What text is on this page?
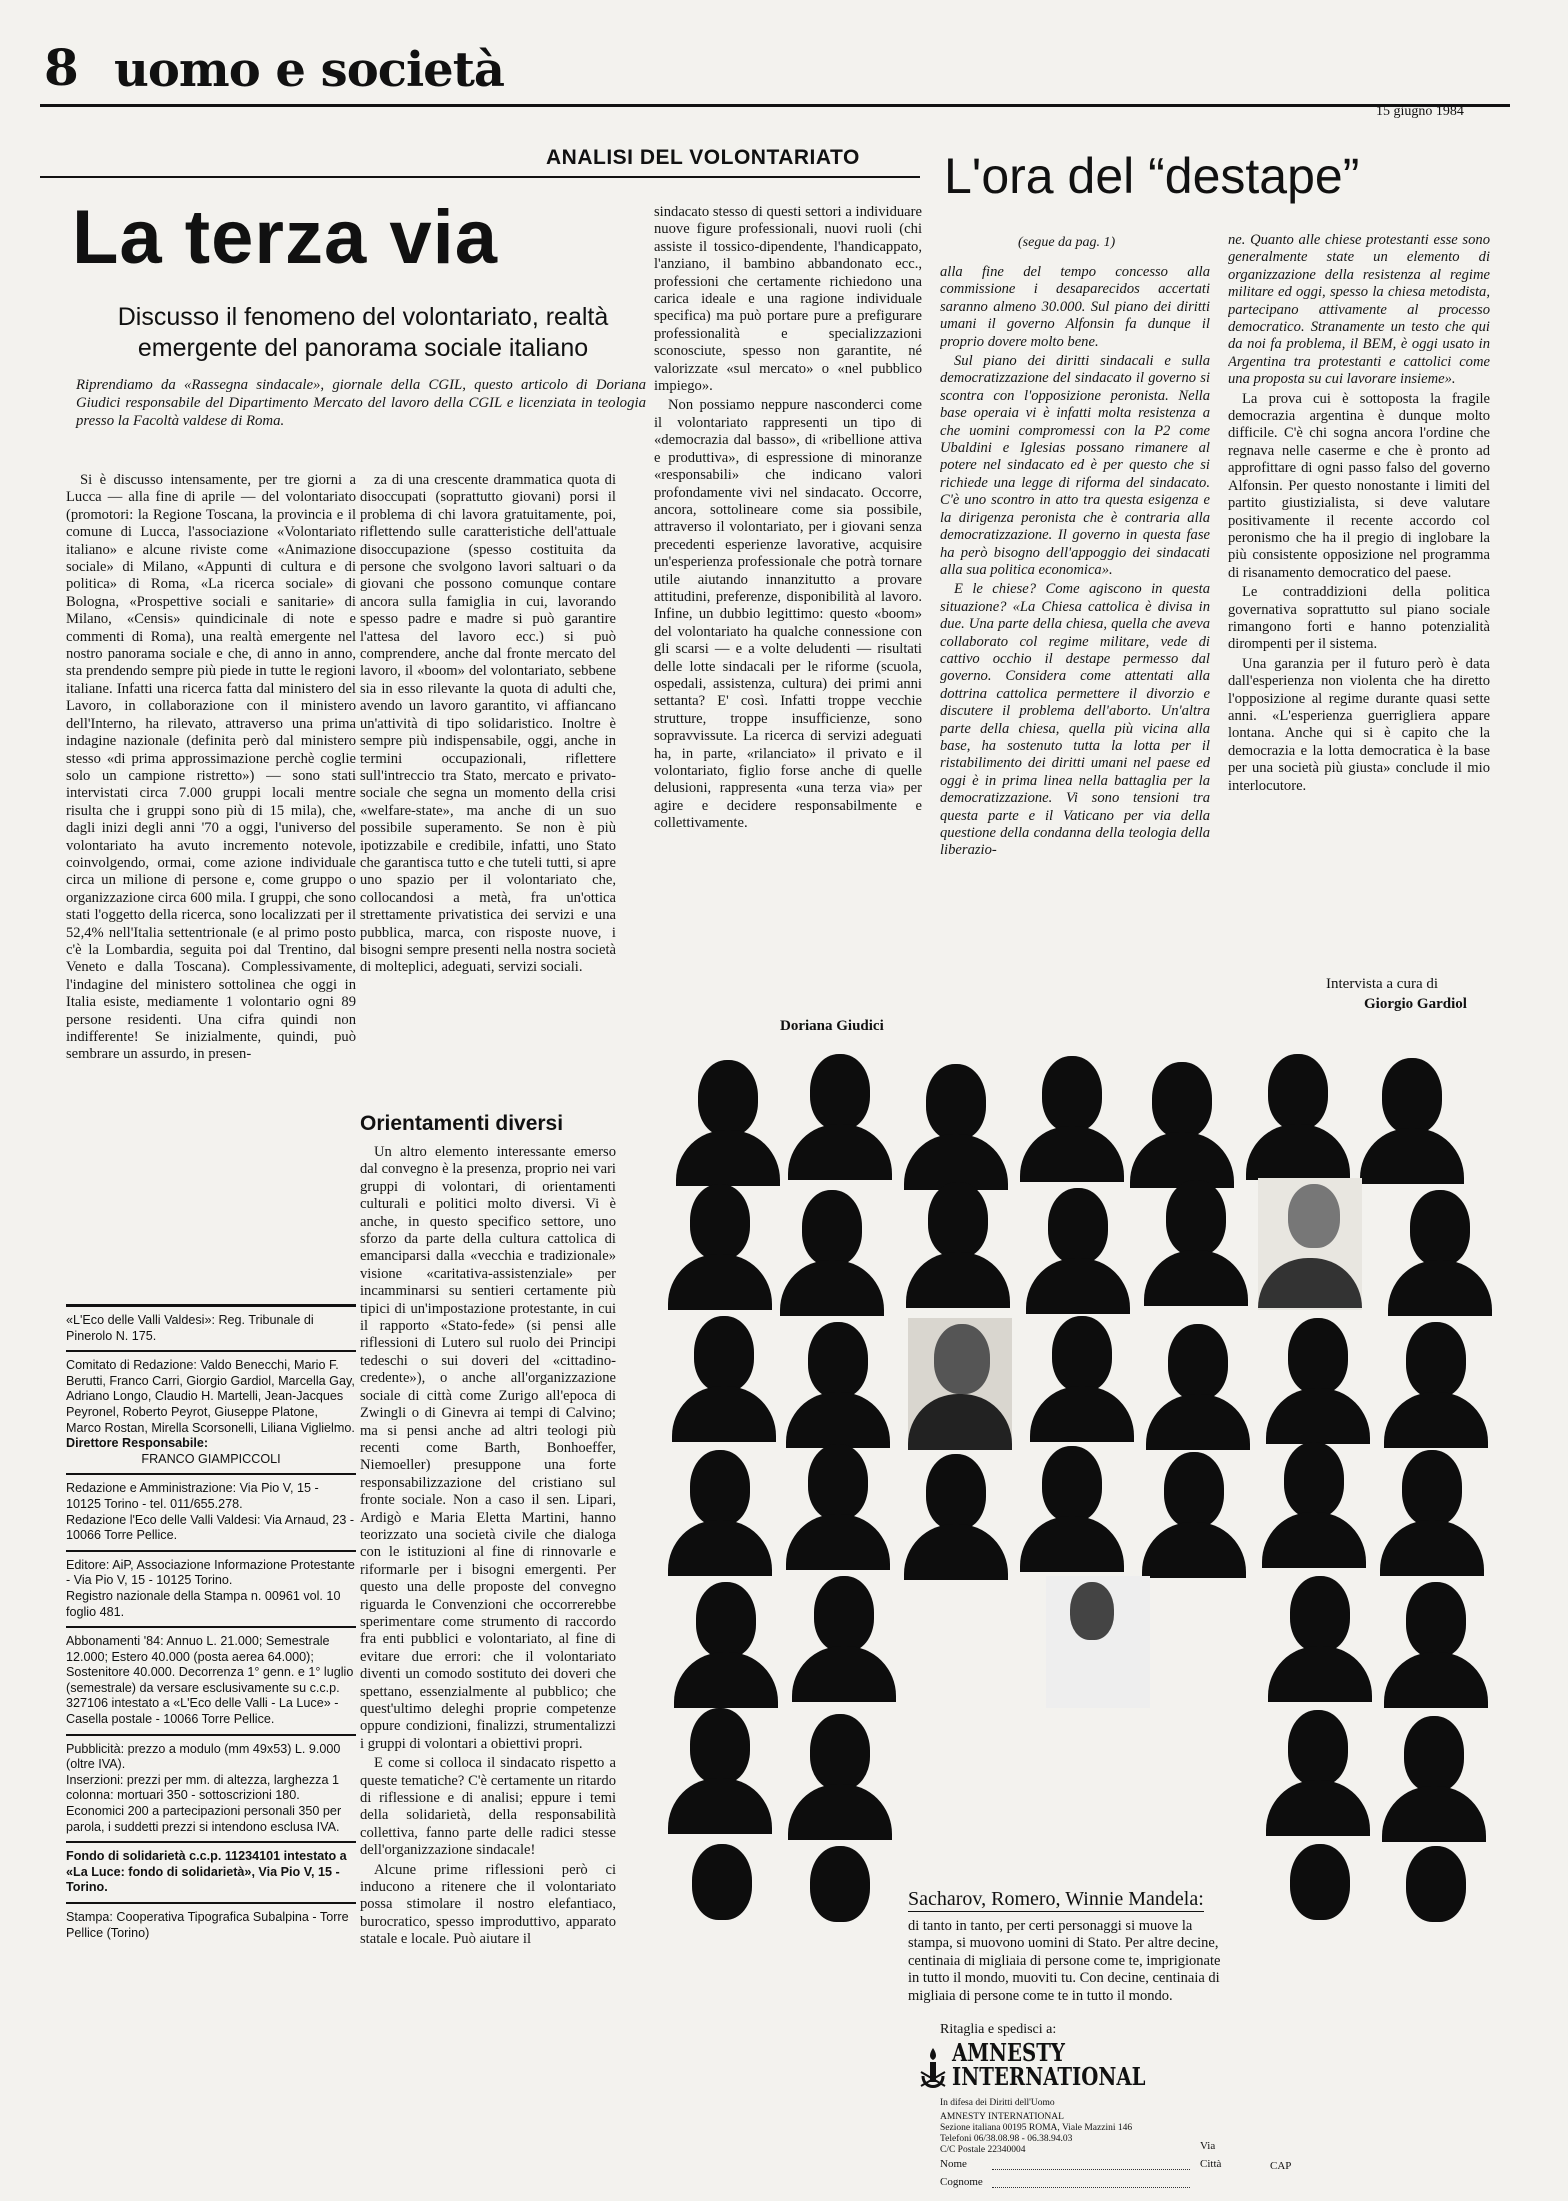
8 uomo e società
15 giugno 1984
ANALISI DEL VOLONTARIATO
La terza via
Discusso il fenomeno del volontariato, realtà emergente del panorama sociale italiano
Riprendiamo da «Rassegna sindacale», giornale della CGIL, questo articolo di Doriana Giudici responsabile del Dipartimento Mercato del lavoro della CGIL e licenziata in teologia presso la Facoltà valdese di Roma.

Si è discusso intensamente, per tre giorni a Lucca — alla fine di aprile — del volontariato (promotori: la Regione Toscana, la provincia e il comune di Lucca, l'associazione «Volontariato italiano» e alcune riviste come «Animazione sociale» di Milano, «Appunti di cultura e di politica» di Roma, «La ricerca sociale» di Bologna, «Prospettive sociali e sanitarie» di Milano, «Censis» quindicinale di note e commenti di Roma), una realtà emergente nel nostro panorama sociale e che, di anno in anno, sta prendendo sempre più piede in tutte le regioni italiane. Infatti una ricerca fatta dal ministero del Lavoro, in collaborazione con il ministero dell'Interno, ha rilevato, attraverso una prima indagine nazionale (definita però dal ministero stesso «di prima approssimazione perchè coglie solo un campione ristretto») — sono stati intervistati circa 7.000 gruppi locali mentre risulta che i gruppi sono più di 15 mila), che, dagli inizi degli anni '70 a oggi, l'universo del volontariato ha avuto incremento notevole, coinvolgendo, ormai, come azione individuale circa un milione di persone e, come gruppo o organizzazione circa 600 mila. I gruppi, che sono stati l'oggetto della ricerca, sono localizzati per il 52,4% nell'Italia settentrionale (e al primo posto c'è la Lombardia, seguita poi dal Trentino, dal Veneto e dalla Toscana). Complessivamente, l'indagine del ministero sottolinea che oggi in Italia esiste, mediamente 1 volontario ogni 89 persone residenti. Una cifra quindi non indifferente! Se inizialmente, quindi, può sembrare un assurdo, in presen-

za di una crescente drammatica quota di disoccupati (soprattutto giovani) porsi il problema di chi lavora gratuitamente, poi, riflettendo sulle caratteristiche dell'attuale disoccupazione (spesso costituita da persone che svolgono lavori saltuari o da giovani che possono comunque contare ancora sulla famiglia in cui, lavorando spesso padre e madre si può garantire l'attesa del lavoro ecc.) si può comprendere, anche dal fronte mercato del lavoro, il «boom» del volontariato, sebbene sia in esso rilevante la quota di adulti che, avendo un lavoro garantito, vi affiancano un'attività di tipo solidaristico. Inoltre è sempre più indispensabile, oggi, anche in termini occupazionali, riflettere sull'intreccio tra Stato, mercato e privato-sociale che segna un momento della crisi «welfare-state», ma anche di un suo possibile superamento. Se non è più ipotizzabile e credibile, infatti, uno Stato che garantisca tutto e che tuteli tutti, si apre uno spazio per il volontariato che, collocandosi a metà, fra un'ottica strettamente privatistica dei servizi e una pubblica, marca, con risposte nuove, i bisogni sempre presenti nella nostra società di molteplici, adeguati, servizi sociali.

Orientamenti diversi

Un altro elemento interessante emerso dal convegno è la presenza, proprio nei vari gruppi di volontari, di orientamenti culturali e politici molto diversi. Vi è anche, in questo specifico settore, uno sforzo da parte della cultura cattolica di emanciparsi dalla «vecchia e tradizionale» visione «caritativa-assistenziale» per incamminarsi su sentieri certamente più tipici di un'impostazione protestante, in cui il rapporto «Stato-fede» (si pensi alle riflessioni di Lutero sul ruolo dei Principi tedeschi o sui doveri del «cittadino-credente»), o anche all'organizzazione sociale di città come Zurigo all'epoca di Zwingli o di Ginevra ai tempi di Calvino; ma si pensi anche ad altri teologi più recenti come Barth, Bonhoeffer, Niemoeller) presuppone una forte responsabilizzazione del cristiano sul fronte sociale. Non a caso il sen. Lipari, Ardigò e Maria Eletta Martini, hanno teorizzato una società civile che dialoga con le istituzioni al fine di rinnovarle e riformarle per i bisogni emergenti. Per questo una delle proposte del convegno riguarda le Convenzioni che occorrerebbe sperimentare come strumento di raccordo fra enti pubblici e volontariato, al fine di evitare due errori: che il volontariato diventi un comodo sostituto dei doveri che spettano, essenzialmente al pubblico; che quest'ultimo deleghi proprie competenze oppure condizioni, finalizzi, strumentalizzi i gruppi di volontari a obiettivi propri.

E come si colloca il sindacato rispetto a queste tematiche? C'è certamente un ritardo di riflessione e di analisi; eppure i temi della solidarietà, della responsabilità collettiva, fanno parte delle radici stesse dell'organizzazione sindacale!

Alcune prime riflessioni però ci inducono a ritenere che il volontariato possa stimolare il nostro elefantiaco, burocratico, spesso improduttivo, apparato statale e locale. Può aiutare il

sindacato stesso di questi settori a individuare nuove figure professionali, nuovi ruoli (chi assiste il tossico-dipendente, l'handicappato, l'anziano, il bambino abbandonato ecc., professioni che certamente richiedono una carica ideale e una ragione individuale specifica) ma può portare pure a prefigurare professionalità e specializzazioni sconosciute, spesso non garantite, né valorizzate «sul mercato» o «nel pubblico impiego».

Non possiamo neppure nasconderci come il volontariato rappresenti un tipo di «democrazia dal basso», di «ribellione attiva e produttiva», di espressione di minoranze «responsabili» che indicano valori profondamente vivi nel sindacato. Occorre, ancora, sottolineare come sia possibile, attraverso il volontariato, per i giovani senza precedenti esperienze lavorative, acquisire un'esperienza professionale che potrà tornare utile aiutando innanzitutto a provare attitudini, preferenze, disponibilità al lavoro. Infine, un dubbio legittimo: questo «boom» del volontariato ha qualche connessione con gli scarsi — e a volte deludenti — risultati delle lotte sindacali per le riforme (scuola, ospedali, assistenza, cultura) dei primi anni settanta? E' così. Infatti troppe vecchie strutture, troppe insufficienze, sono sopravvissute. La ricerca di servizi adeguati ha, in parte, «rilanciato» il privato e il volontariato, figlio forse anche di quelle delusioni, rappresenta «una terza via» per agire e decidere responsabilmente e collettivamente.

Doriana Giudici
«L'Eco delle Valli Valdesi»: Reg. Tribunale di Pinerolo N. 175.
Comitato di Redazione: Valdo Benecchi, Mario F. Berutti, Franco Carri, Giorgio Gardiol, Marcella Gay, Adriano Longo, Claudio H. Martelli, Jean-Jacques Peyronel, Roberto Peyrot, Giuseppe Platone, Marco Rostan, Mirella Scorsonelli, Liliana Viglielmo.
Direttore Responsabile:
FRANCO GIAMPICCOLI
Redazione e Amministrazione: Via Pio V, 15 - 10125 Torino - tel. 011/655.278.
Redazione l'Eco delle Valli Valdesi: Via Arnaud, 23 - 10066 Torre Pellice.
Editore: AiP, Associazione Informazione Protestante - Via Pio V, 15 - 10125 Torino.
Registro nazionale della Stampa n. 00961 vol. 10 foglio 481.
Abbonamenti '84: Annuo L. 21.000; Semestrale 12.000; Estero 40.000 (posta aerea 64.000); Sostenitore 40.000. Decorrenza 1° genn. e 1° luglio (semestrale) da versare esclusivamente su c.c.p. 327106 intestato a «L'Eco delle Valli - La Luce» - Casella postale - 10066 Torre Pellice.
Pubblicità: prezzo a modulo (mm 49x53) L. 9.000 (oltre IVA).
Inserzioni: prezzi per mm. di altezza, larghezza 1 colonna: mortuari 350 - sottoscrizioni 180.
Economici 200 a partecipazioni personali 350 per parola, i suddetti prezzi si intendono esclusa IVA.
Fondo di solidarietà c.c.p. 11234101 intestato a «La Luce: fondo di solidarietà», Via Pio V, 15 - Torino.
Stampa: Cooperativa Tipografica Subalpina - Torre Pellice (Torino)
L'ora del “destape”
(segue da pag. 1)

alla fine del tempo concesso alla commissione i desaparecidos accertati saranno almeno 30.000. Sul piano dei diritti umani il governo Alfonsin fa dunque il proprio dovere molto bene.

Sul piano dei diritti sindacali e sulla democratizzazione del sindacato il governo si scontra con l'opposizione peronista. Nella base operaia vi è infatti molta resistenza a che uomini compromessi con la P2 come Ubaldini e Iglesias possano rimanere al potere nel sindacato ed è per questo che si richiede una legge di riforma del sindacato. C'è uno scontro in atto tra questa esigenza e la dirigenza peronista che è contraria alla democratizzazione. Il governo in questa fase ha però bisogno dell'appoggio dei sindacati alla sua politica economica».

E le chiese? Come agiscono in questa situazione? «La Chiesa cattolica è divisa in due. Una parte della chiesa, quella che aveva collaborato col regime militare, vede di cattivo occhio il destape permesso dal governo. Considera come attentati alla dottrina cattolica permettere il divorzio e discutere il problema dell'aborto. Un'altra parte della chiesa, quella più vicina alla base, ha sostenuto tutta la lotta per il ristabilimento dei diritti umani nel paese ed oggi è in prima linea nella battaglia per la democratizzazione. Vi sono tensioni tra questa parte e il Vaticano per via della questione della condanna della teologia della liberazio-

ne. Quanto alle chiese protestanti esse sono generalmente state un elemento di organizzazione della resistenza al regime militare ed oggi, spesso la chiesa metodista, partecipano attivamente al processo democratico. Stranamente un testo che qui da noi fa problema, il BEM, è oggi usato in Argentina tra protestanti e cattolici come una proposta su cui lavorare insieme».

La prova cui è sottoposta la fragile democrazia argentina è dunque molto difficile. C'è chi sogna ancora l'ordine che regnava nelle caserme e che è pronto ad approfittare di ogni passo falso del governo Alfonsin. Per questo nonostante i limiti del partito giustizialista, si deve valutare positivamente il recente accordo col peronismo che ha il pregio di inglobare la più consistente opposizione nel programma di risanamento democratico del paese.

Le contraddizioni della politica governativa soprattutto sul piano sociale rimangono forti e hanno potenzialità dirompenti per il sistema.

Una garanzia per il futuro però è data dall'esperienza non violenta che ha diretto l'opposizione al regime durante quasi sette anni. «L'esperienza guerrigliera appare lontana. Anche qui si è capito che la democrazia e la lotta democratica è la base per una società più giusta» conclude il mio interlocutore.

Intervista a cura di
Giorgio Gardiol
Sacharov, Romero, Winnie Mandela:
di tanto in tanto, per certi personaggi si muove la stampa, si muovono uomini di Stato. Per altre decine, centinaia di migliaia di persone come te, imprigionate in tutto il mondo, muoviti tu. Con decine, centinaia di migliaia di persone come te in tutto il mondo.
Ritaglia e spedisci a:
AMNESTY
INTERNATIONAL
In difesa dei Diritti dell'Uomo
AMNESTY INTERNATIONAL
Sezione italiana 00195 ROMA, Viale Mazzini 146
Telefoni 06/38.08.98 - 06.38.94.03
C/C Postale 22340004
Nome
Cognome
Via
Città	CAP
